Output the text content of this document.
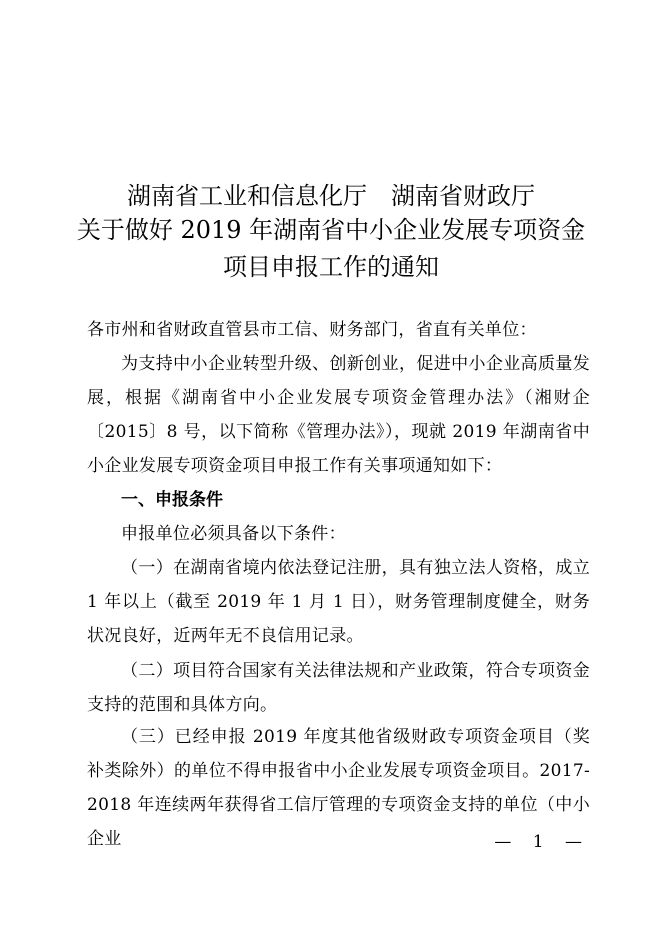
湖南省工业和信息化厅　湖南省财政厅
关于做好 2019 年湖南省中小企业发展专项资金
项目申报工作的通知
各市州和省财政直管县市工信、财务部门，省直有关单位：
为支持中小企业转型升级、创新创业，促进中小企业高质量发展，根据《湖南省中小企业发展专项资金管理办法》（湘财企〔2015〕8 号，以下简称《管理办法》），现就 2019 年湖南省中小企业发展专项资金项目申报工作有关事项通知如下：
一、申报条件
申报单位必须具备以下条件：
（一）在湖南省境内依法登记注册，具有独立法人资格，成立 1 年以上（截至 2019 年 1 月 1 日），财务管理制度健全，财务状况良好，近两年无不良信用记录。
（二）项目符合国家有关法律法规和产业政策，符合专项资金支持的范围和具体方向。
（三）已经申报 2019 年度其他省级财政专项资金项目（奖补类除外）的单位不得申报省中小企业发展专项资金项目。2017-2018 年连续两年获得省工信厅管理的专项资金支持的单位（中小企业	— 1 —
